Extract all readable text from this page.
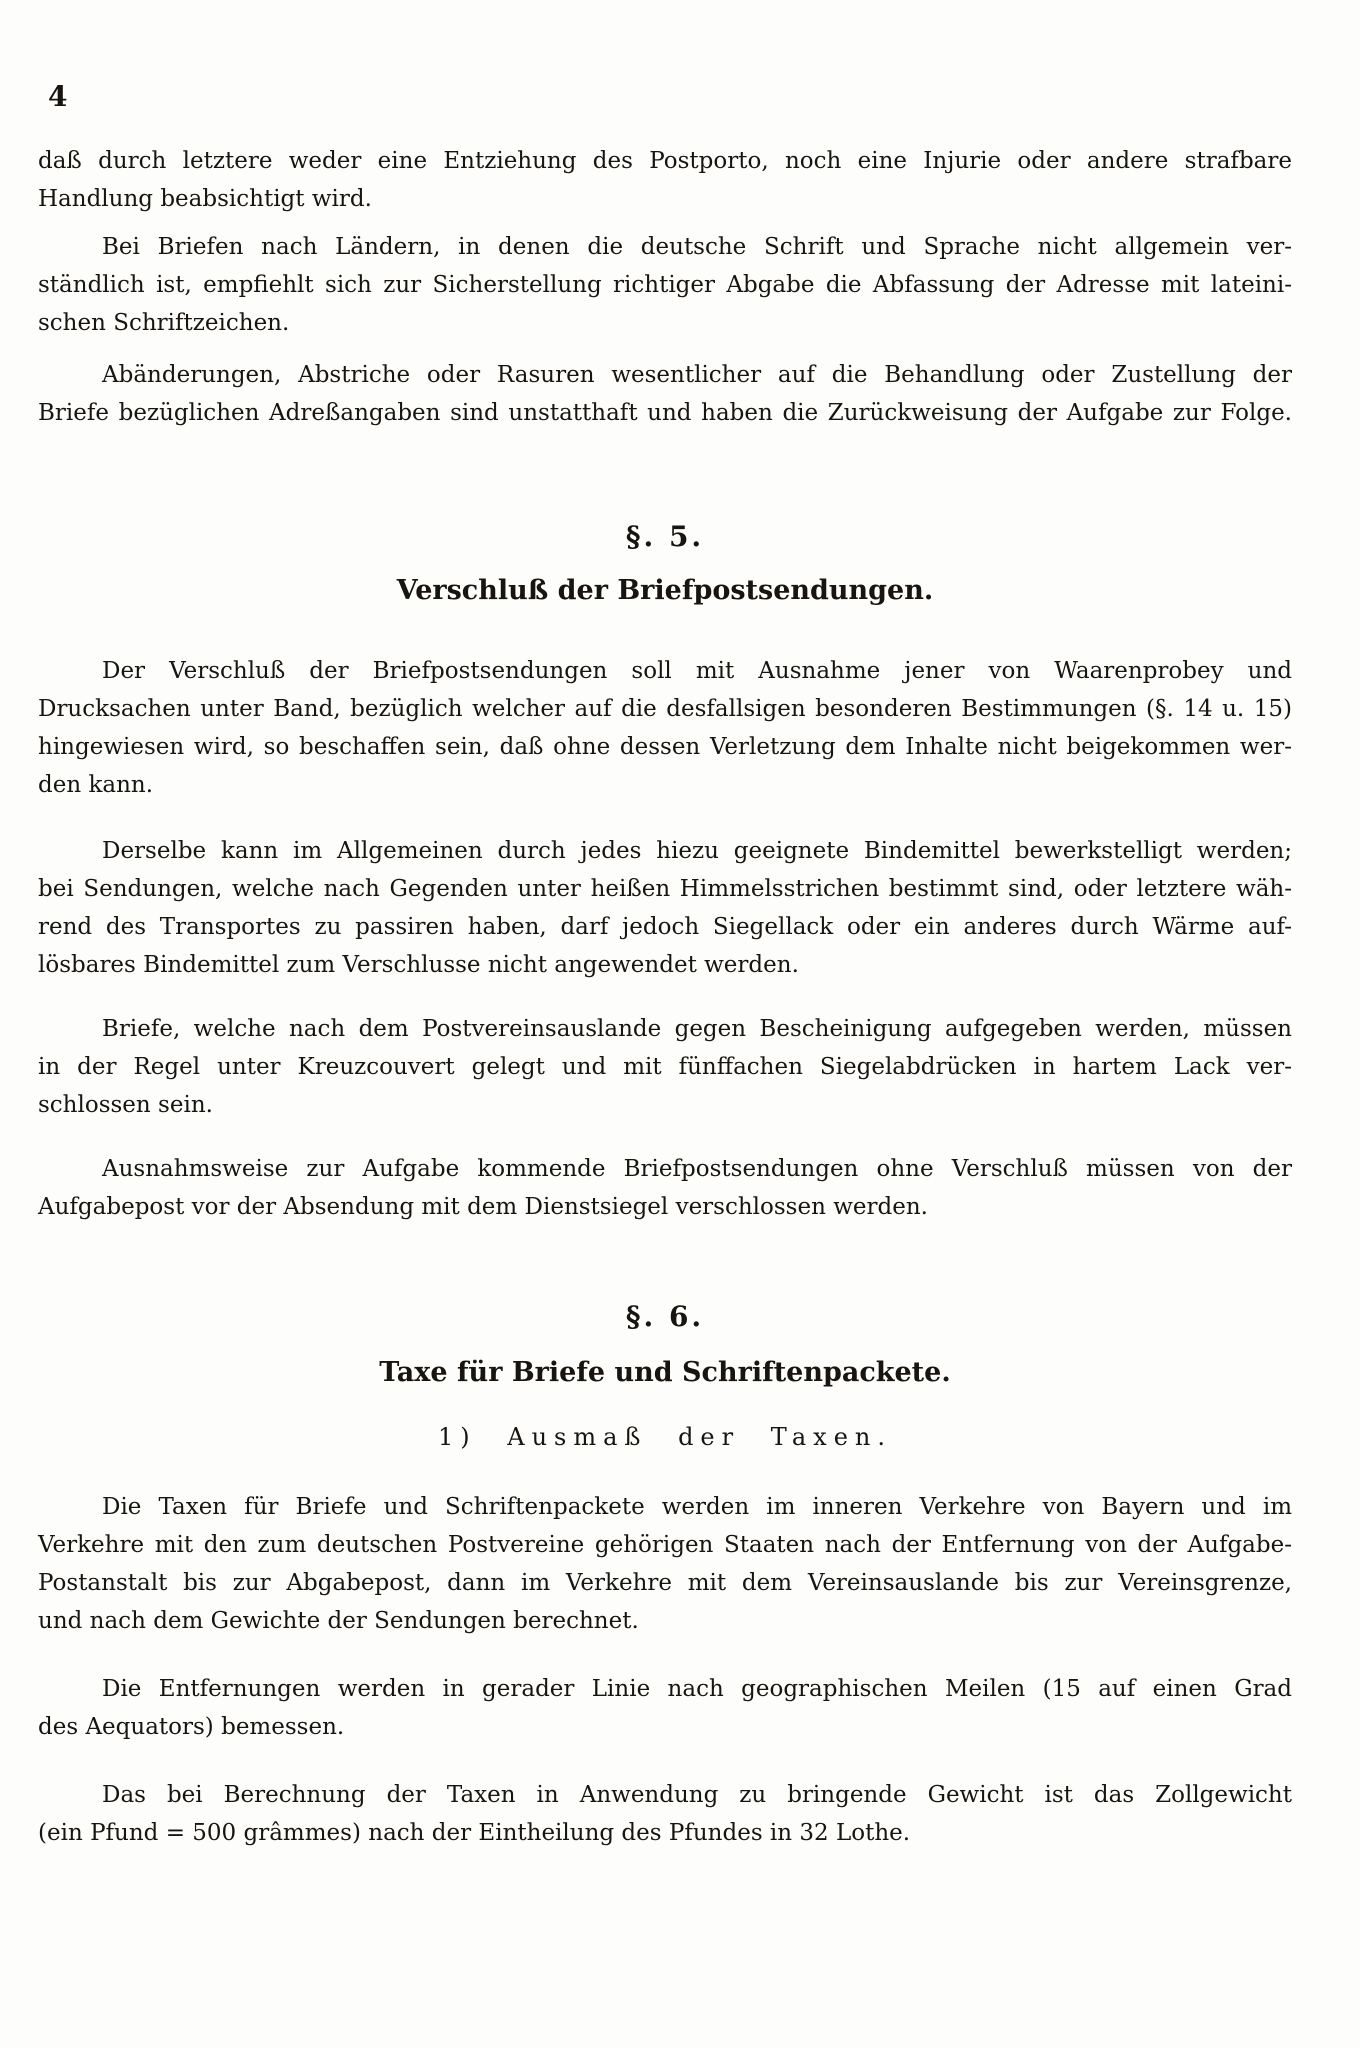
4
daß durch letztere weder eine Entziehung des Postporto, noch eine Injurie oder andere strafbare
Handlung beabsichtigt wird.
Bei Briefen nach Ländern, in denen die deutsche Schrift und Sprache nicht allgemein ver-
ständlich ist, empfiehlt sich zur Sicherstellung richtiger Abgabe die Abfassung der Adresse mit lateini-
schen Schriftzeichen.
Abänderungen, Abstriche oder Rasuren wesentlicher auf die Behandlung oder Zustellung der
Briefe bezüglichen Adreßangaben sind unstatthaft und haben die Zurückweisung der Aufgabe zur Folge.
§. 5.
Verschluß der Briefpostsendungen.
Der Verschluß der Briefpostsendungen soll mit Ausnahme jener von Waarenprobey und
Drucksachen unter Band, bezüglich welcher auf die desfallsigen besonderen Bestimmungen (§. 14 u. 15)
hingewiesen wird, so beschaffen sein, daß ohne dessen Verletzung dem Inhalte nicht beigekommen wer-
den kann.
Derselbe kann im Allgemeinen durch jedes hiezu geeignete Bindemittel bewerkstelligt werden;
bei Sendungen, welche nach Gegenden unter heißen Himmelsstrichen bestimmt sind, oder letztere wäh-
rend des Transportes zu passiren haben, darf jedoch Siegellack oder ein anderes durch Wärme auf-
lösbares Bindemittel zum Verschlusse nicht angewendet werden.
Briefe, welche nach dem Postvereinsauslande gegen Bescheinigung aufgegeben werden, müssen
in der Regel unter Kreuzcouvert gelegt und mit fünffachen Siegelabdrücken in hartem Lack ver-
schlossen sein.
Ausnahmsweise zur Aufgabe kommende Briefpostsendungen ohne Verschluß müssen von der
Aufgabepost vor der Absendung mit dem Dienstsiegel verschlossen werden.
§. 6.
Taxe für Briefe und Schriftenpackete.
1) Ausmaß der Taxen.
Die Taxen für Briefe und Schriftenpackete werden im inneren Verkehre von Bayern und im
Verkehre mit den zum deutschen Postvereine gehörigen Staaten nach der Entfernung von der Aufgabe-
Postanstalt bis zur Abgabepost, dann im Verkehre mit dem Vereinsauslande bis zur Vereinsgrenze,
und nach dem Gewichte der Sendungen berechnet.
Die Entfernungen werden in gerader Linie nach geographischen Meilen (15 auf einen Grad
des Aequators) bemessen.
Das bei Berechnung der Taxen in Anwendung zu bringende Gewicht ist das Zollgewicht
(ein Pfund = 500 grâmmes) nach der Eintheilung des Pfundes in 32 Lothe.
